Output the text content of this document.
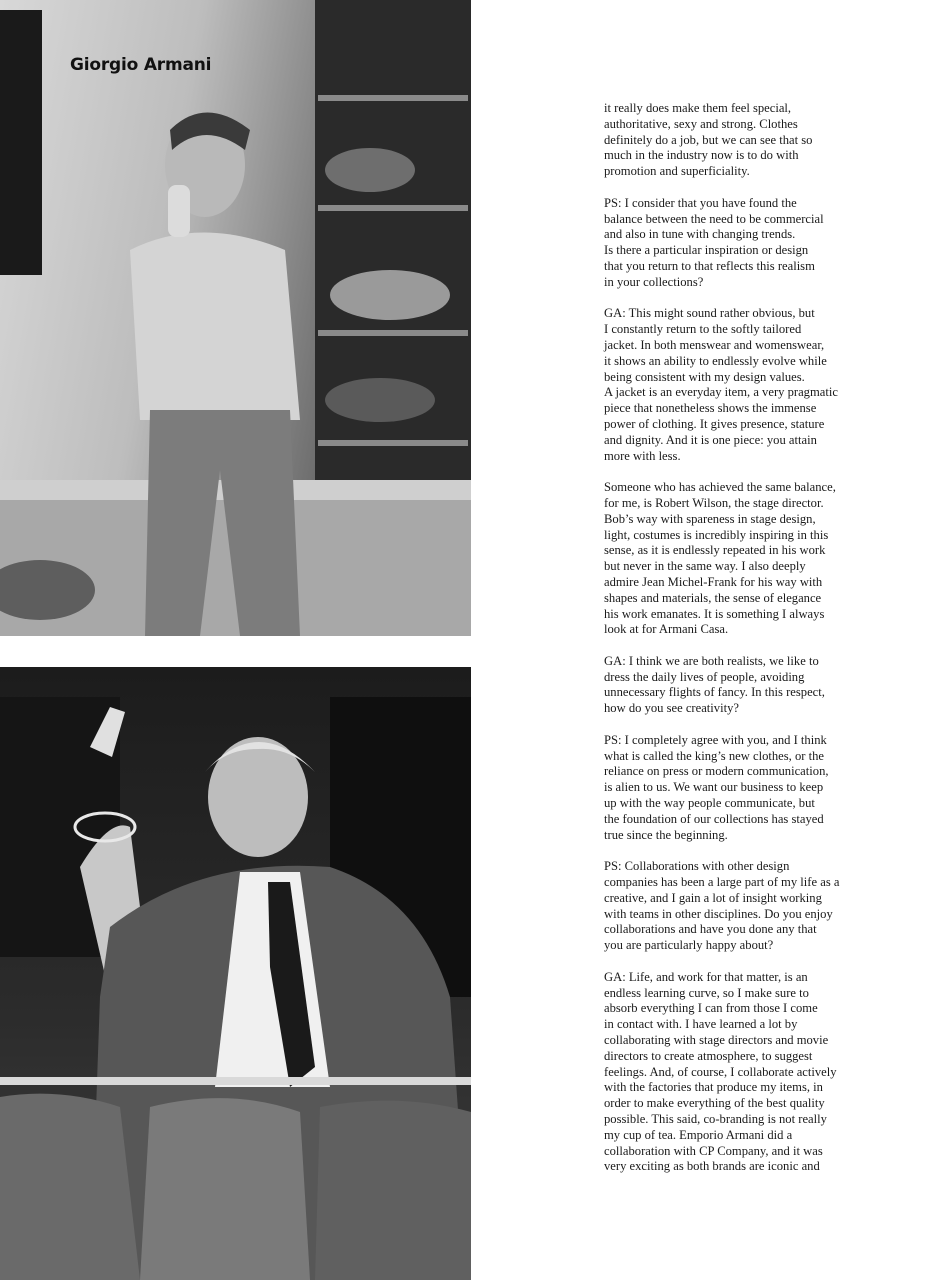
Giorgio Armani

it really does make them feel special,
authoritative, sexy and strong. Clothes
definitely do a job, but we can see that so
much in the industry now is to do with
promotion and superficiality.

PS: I consider that you have found the
balance between the need to be commercial
and also in tune with changing trends.
Is there a particular inspiration or design
that you return to that reflects this realism
in your collections?

GA: This might sound rather obvious, but
I constantly return to the softly tailored
jacket. In both menswear and womenswear,
it shows an ability to endlessly evolve while
being consistent with my design values.
A jacket is an everyday item, a very pragmatic
piece that nonetheless shows the immense
power of clothing. It gives presence, stature
and dignity. And it is one piece: you attain
more with less.

Someone who has achieved the same balance,
for me, is Robert Wilson, the stage director.
Bob’s way with spareness in stage design,
light, costumes is incredibly inspiring in this
sense, as it is endlessly repeated in his work
but never in the same way. I also deeply
admire Jean Michel-Frank for his way with
shapes and materials, the sense of elegance
his work emanates. It is something I always
look at for Armani Casa.

GA: I think we are both realists, we like to
dress the daily lives of people, avoiding
unnecessary flights of fancy. In this respect,
how do you see creativity?

PS: I completely agree with you, and I think
what is called the king’s new clothes, or the
reliance on press or modern communication,
is alien to us. We want our business to keep
up with the way people communicate, but
the foundation of our collections has stayed
true since the beginning.

PS: Collaborations with other design
companies has been a large part of my life as a
creative, and I gain a lot of insight working
with teams in other disciplines. Do you enjoy
collaborations and have you done any that
you are particularly happy about?

GA: Life, and work for that matter, is an
endless learning curve, so I make sure to
absorb everything I can from those I come
in contact with. I have learned a lot by
collaborating with stage directors and movie
directors to create atmosphere, to suggest
feelings. And, of course, I collaborate actively
with the factories that produce my items, in
order to make everything of the best quality
possible. This said, co-branding is not really
my cup of tea. Emporio Armani did a
collaboration with CP Company, and it was
very exciting as both brands are iconic and
